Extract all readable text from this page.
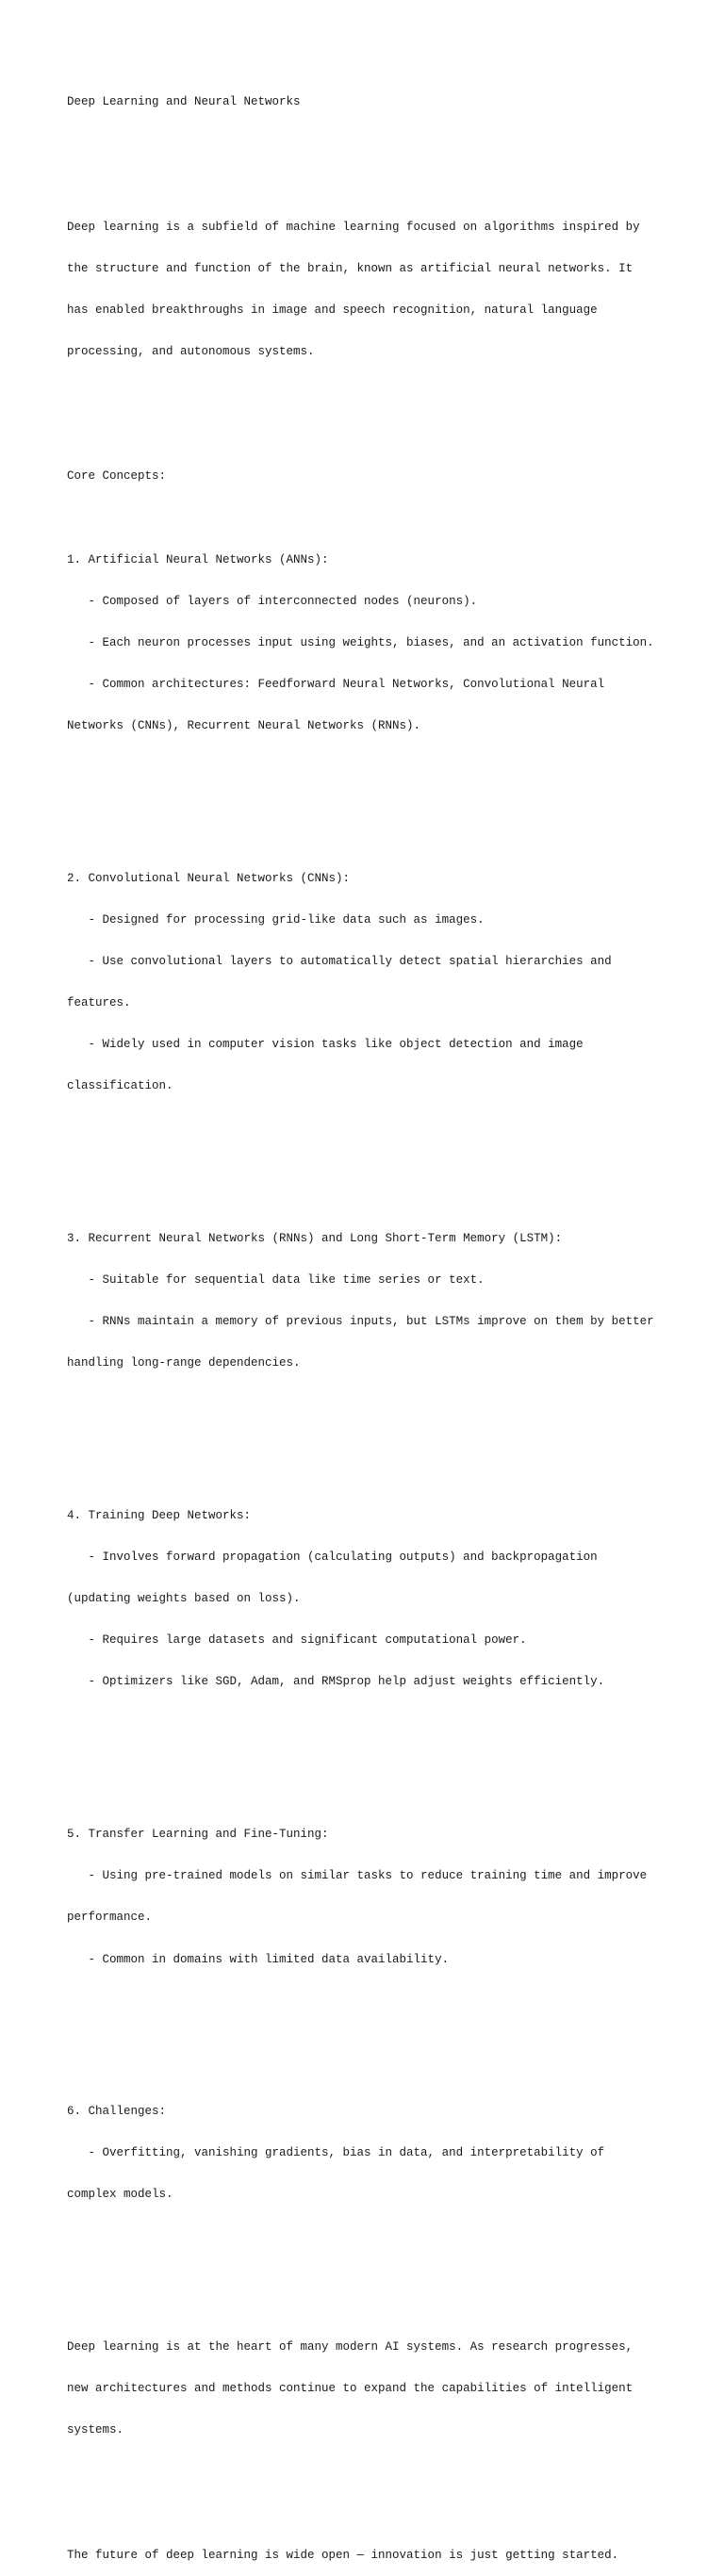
Deep Learning and Neural Networks

Deep learning is a subfield of machine learning focused on algorithms inspired by

the structure and function of the brain, known as artificial neural networks. It

has enabled breakthroughs in image and speech recognition, natural language

processing, and autonomous systems.

Core Concepts:

1. Artificial Neural Networks (ANNs):

- Composed of layers of interconnected nodes (neurons).

- Each neuron processes input using weights, biases, and an activation function.

- Common architectures: Feedforward Neural Networks, Convolutional Neural

Networks (CNNs), Recurrent Neural Networks (RNNs).

2. Convolutional Neural Networks (CNNs):

- Designed for processing grid-like data such as images.

- Use convolutional layers to automatically detect spatial hierarchies and

features.

- Widely used in computer vision tasks like object detection and image

classification.

3. Recurrent Neural Networks (RNNs) and Long Short-Term Memory (LSTM):

- Suitable for sequential data like time series or text.

- RNNs maintain a memory of previous inputs, but LSTMs improve on them by better

handling long-range dependencies.

4. Training Deep Networks:

- Involves forward propagation (calculating outputs) and backpropagation

(updating weights based on loss).

- Requires large datasets and significant computational power.

- Optimizers like SGD, Adam, and RMSprop help adjust weights efficiently.

5. Transfer Learning and Fine-Tuning:

- Using pre-trained models on similar tasks to reduce training time and improve

performance.

- Common in domains with limited data availability.

6. Challenges:

- Overfitting, vanishing gradients, bias in data, and interpretability of

complex models.

Deep learning is at the heart of many modern AI systems. As research progresses,

new architectures and methods continue to expand the capabilities of intelligent

systems.

The future of deep learning is wide open — innovation is just getting started.
